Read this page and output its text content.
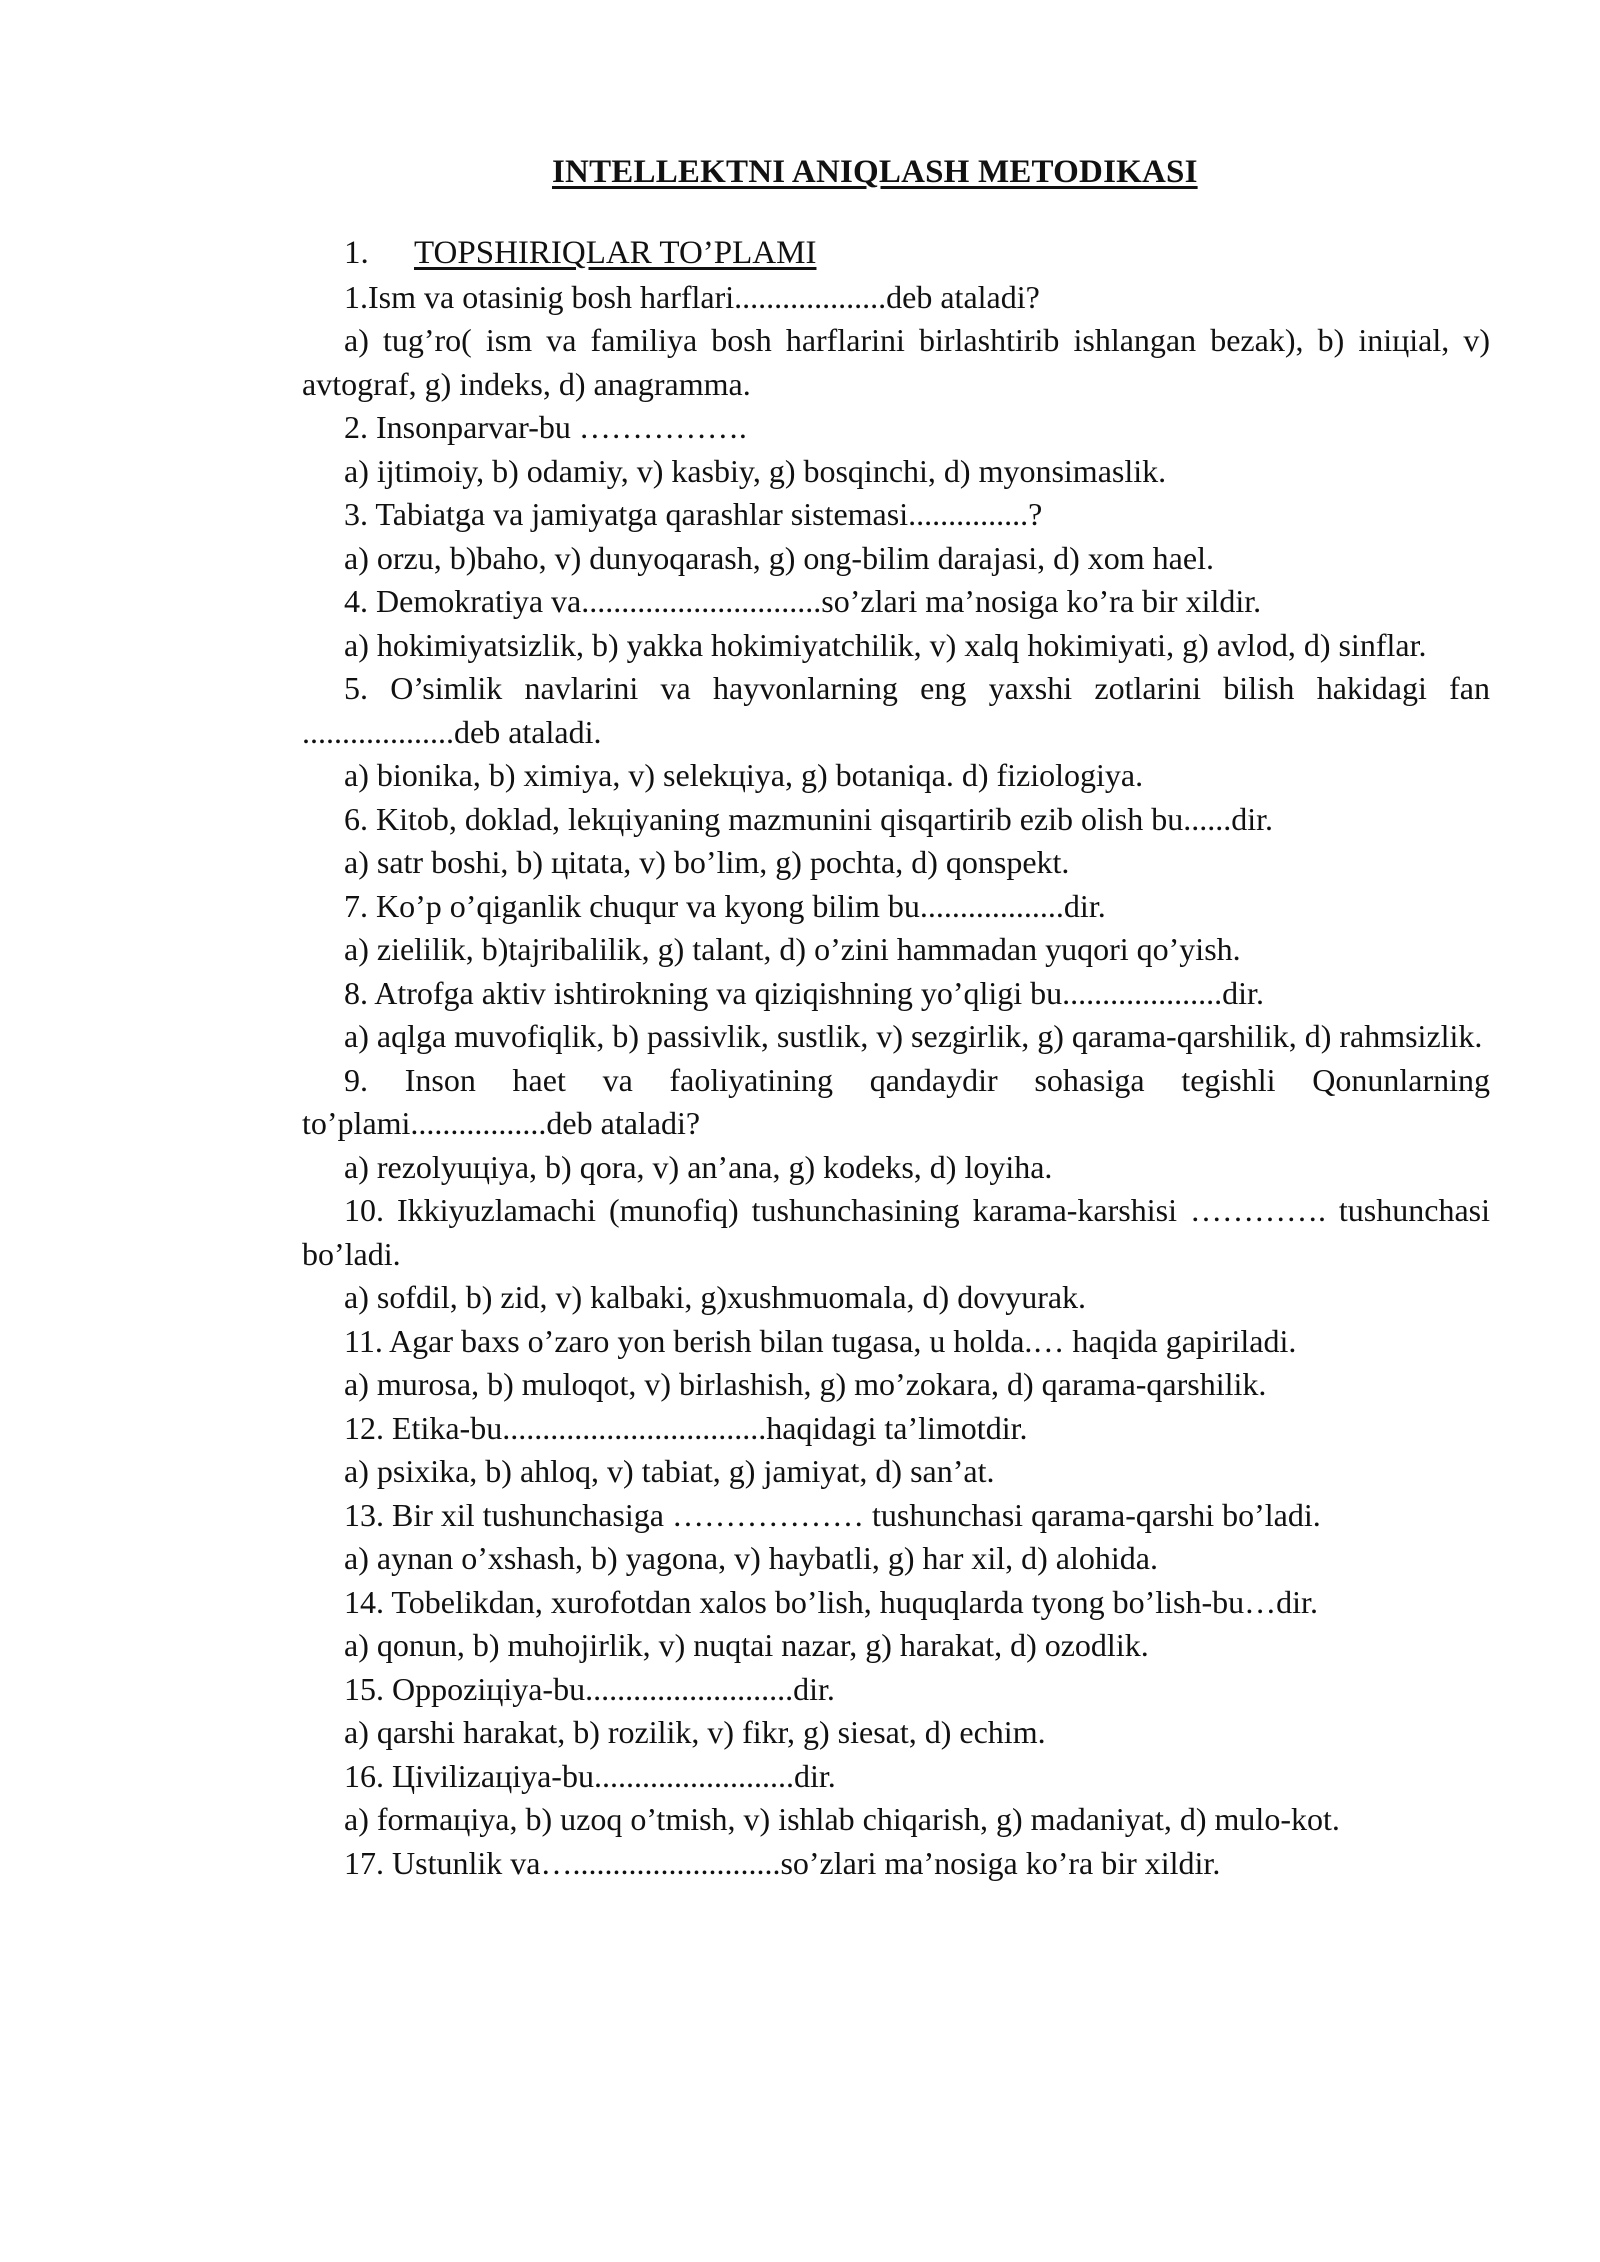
INTELLEKTNI ANIQLASH METODIKASI
1. TOPSHIRIQLAR TO’PLAMI

1.Ism va otasinig bosh harflari...................deb ataladi?

a) tug’ro( ism va familiya bosh harflarini birlashtirib ishlangan bezak), b) iniцial, v) avtograf, g) indeks, d) anagramma.

2. Insonparvar-bu …………….

a) ijtimoiy, b) odamiy, v) kasbiy, g) bosqinchi, d) myonsimaslik.

3. Tabiatga va jamiyatga qarashlar sistemasi...............?

a) orzu, b)baho, v) dunyoqarash, g) ong-bilim darajasi, d) xom hael.

4. Demokratiya va..............................so’zlari ma’nosiga ko’ra bir xildir.

a) hokimiyatsizlik, b) yakka hokimiyatchilik, v) xalq hokimiyati, g) avlod, d) sinflar.

5. O’simlik navlarini va hayvonlarning eng yaxshi zotlarini bilish hakidagi fan ...................deb ataladi.

a) bionika, b) ximiya, v) selekцiya, g) botaniqa. d) fiziologiya.

6. Kitob, doklad, lekцiyaning mazmunini qisqartirib ezib olish bu......dir.

a) satr boshi, b) цitata, v) bo’lim, g) pochta, d) qonspekt.

7. Ko’p o’qiganlik chuqur va kyong bilim bu..................dir.

a) zielilik, b)tajribalilik, g) talant, d) o’zini hammadan yuqori qo’yish.

8. Atrofga aktiv ishtirokning va qiziqishning yo’qligi bu....................dir.

a) aqlga muvofiqlik, b) passivlik, sustlik, v) sezgirlik, g) qarama-qarshilik, d) rahmsizlik.

9. Inson haet va faoliyatining qandaydir sohasiga tegishli Qonunlarning to’plami.................deb ataladi?

a) rezolyuцiya, b) qora, v) an’ana, g) kodeks, d) loyiha.

10. Ikkiyuzlamachi (munofiq) tushunchasining karama-karshisi …………. tushunchasi bo’ladi.

a) sofdil, b) zid, v) kalbaki, g)xushmuomala, d) dovyurak.

11. Agar baxs o’zaro yon berish bilan tugasa, u holda.… haqida gapiriladi.

a) murosa, b) muloqot, v) birlashish, g) mo’zokara, d) qarama-qarshilik.

12. Etika-bu.................................haqidagi ta’limotdir.

a) psixika, b) ahloq, v) tabiat, g) jamiyat, d) san’at.

13. Bir xil tushunchasiga ……………… tushunchasi qarama-qarshi bo’ladi.

a) aynan o’xshash, b) yagona, v) haybatli, g) har xil, d) alohida.

14. Tobelikdan, xurofotdan xalos bo’lish, huquqlarda tyong bo’lish-bu…dir.

a) qonun, b) muhojirlik, v) nuqtai nazar, g) harakat, d) ozodlik.

15. Oppoziцiya-bu..........................dir.

a) qarshi harakat, b) rozilik, v) fikr, g) siesat, d) echim.

16. Цivilizaцiya-bu.........................dir.

a) formaцiya, b) uzoq o’tmish, v) ishlab chiqarish, g) madaniyat, d) mulo-kot.

17. Ustunlik va…..........................so’zlari ma’nosiga ko’ra bir xildir.
